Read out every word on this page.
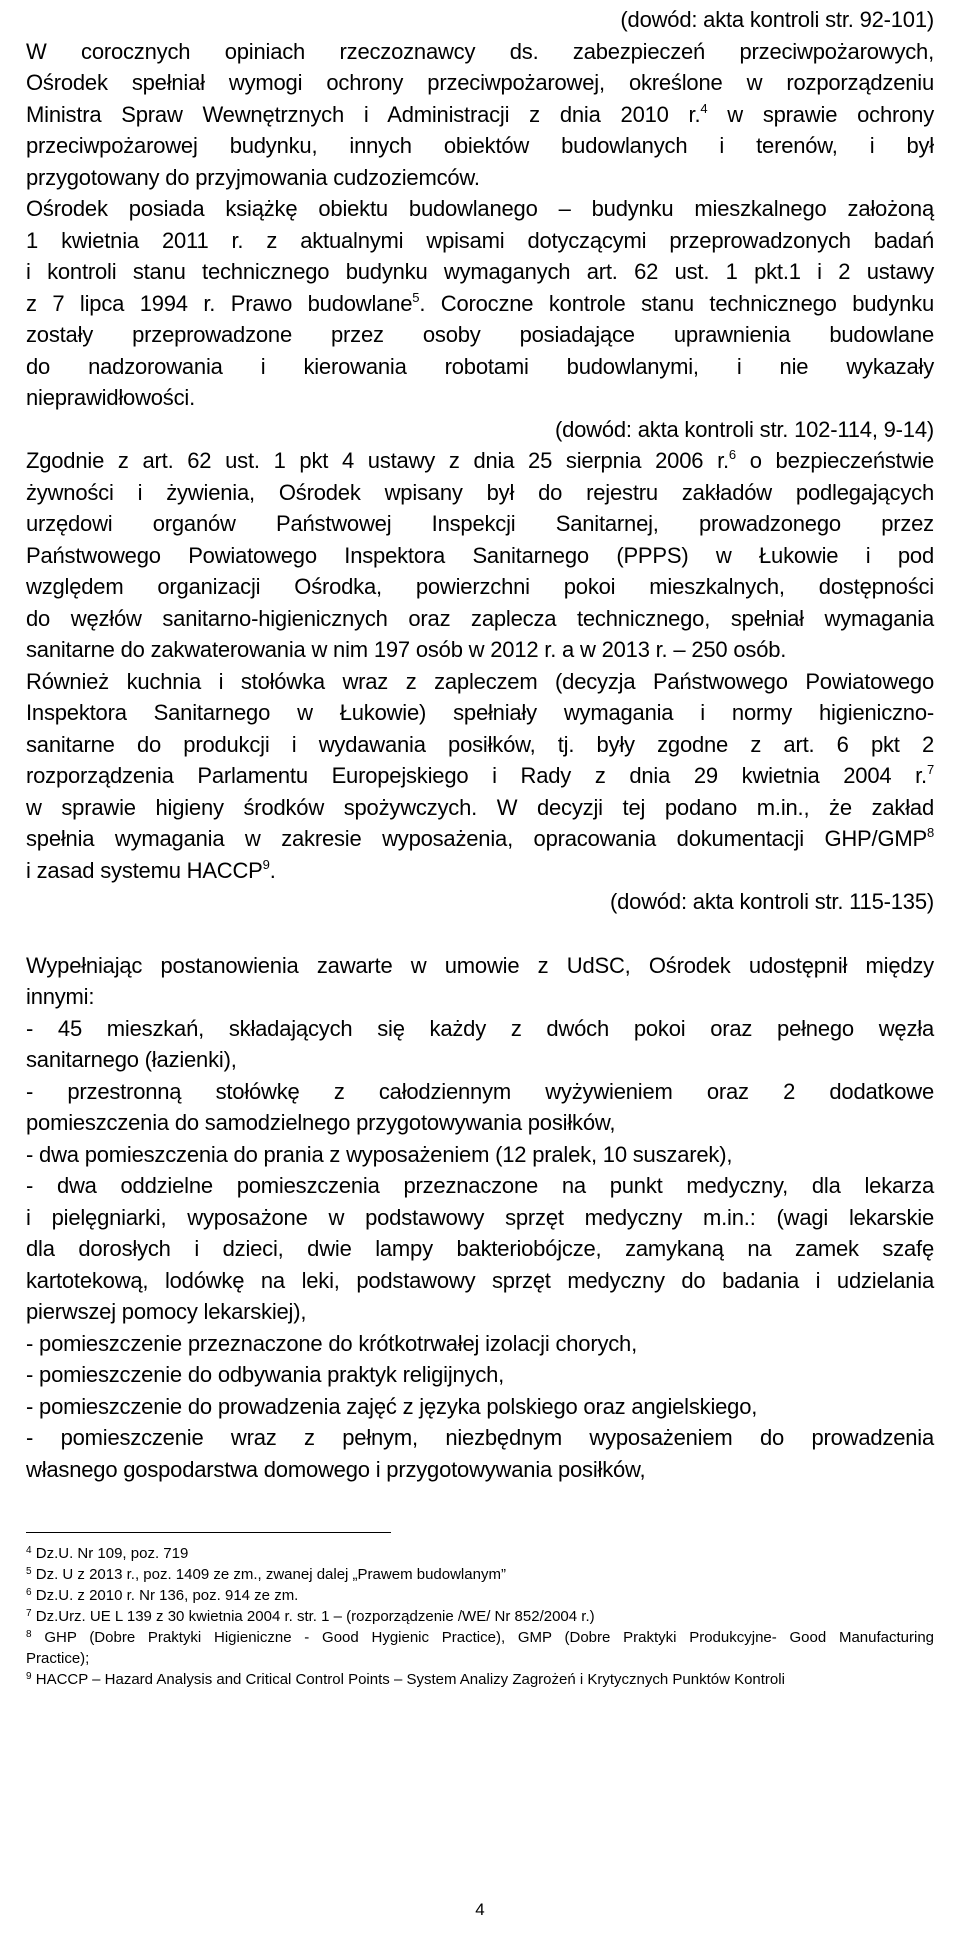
(dowód: akta kontroli str. 92-101)
W corocznych opiniach rzeczoznawcy ds. zabezpieczeń przeciwpożarowych,
Ośrodek spełniał wymogi ochrony przeciwpożarowej, określone w rozporządzeniu
Ministra Spraw Wewnętrznych i Administracji z dnia 2010 r.$^4$ w sprawie ochrony
przeciwpożarowej budynku, innych obiektów budowlanych i terenów, i był
przygotowany do przyjmowania cudzoziemców.
Ośrodek posiada książkę obiektu budowlanego – budynku mieszkalnego założoną
1 kwietnia 2011 r. z aktualnymi wpisami dotyczącymi przeprowadzonych badań
i kontroli stanu technicznego budynku wymaganych art. 62 ust. 1 pkt.1 i 2 ustawy
z 7 lipca 1994 r. Prawo budowlane$^5$. Coroczne kontrole stanu technicznego budynku
zostały przeprowadzone przez osoby posiadające uprawnienia budowlane
do nadzorowania i kierowania robotami budowlanymi, i nie wykazały
nieprawidłowości.
(dowód: akta kontroli str. 102-114, 9-14)
Zgodnie z art. 62 ust. 1 pkt 4 ustawy z dnia 25 sierpnia 2006 r.$^6$ o bezpieczeństwie
żywności i żywienia, Ośrodek wpisany był do rejestru zakładów podlegających
urzędowi organów Państwowej Inspekcji Sanitarnej, prowadzonego przez
Państwowego Powiatowego Inspektora Sanitarnego (PPPS) w Łukowie i pod
względem organizacji Ośrodka, powierzchni pokoi mieszkalnych, dostępności
do węzłów sanitarno-higienicznych oraz zaplecza technicznego, spełniał wymagania
sanitarne do zakwaterowania w nim 197 osób w 2012 r. a w 2013 r. – 250 osób.
Również kuchnia i stołówka wraz z zapleczem (decyzja Państwowego Powiatowego
Inspektora Sanitarnego w Łukowie) spełniały wymagania i normy higieniczno-
sanitarne do produkcji i wydawania posiłków, tj. były zgodne z art. 6 pkt 2
rozporządzenia Parlamentu Europejskiego i Rady z dnia 29 kwietnia 2004 r.$^7$
w sprawie higieny środków spożywczych. W decyzji tej podano m.in., że zakład
spełnia wymagania w zakresie wyposażenia, opracowania dokumentacji GHP/GMP$^8$
i zasad systemu HACCP$^9$.
(dowód: akta kontroli str. 115-135)
Wypełniając postanowienia zawarte w umowie z UdSC, Ośrodek udostępnił między
innymi:
- 45 mieszkań, składających się każdy z dwóch pokoi oraz pełnego węzła
sanitarnego (łazienki),
- przestronną stołówkę z całodziennym wyżywieniem oraz 2 dodatkowe
pomieszczenia do samodzielnego przygotowywania posiłków,
- dwa pomieszczenia do prania z wyposażeniem (12 pralek, 10 suszarek),
- dwa oddzielne pomieszczenia przeznaczone na punkt medyczny, dla lekarza
i pielęgniarki, wyposażone w podstawowy sprzęt medyczny m.in.: (wagi lekarskie
dla dorosłych i dzieci, dwie lampy bakteriobójcze, zamykaną na zamek szafę
kartotekową, lodówkę na leki, podstawowy sprzęt medyczny do badania i udzielania
pierwszej pomocy lekarskiej),
- pomieszczenie przeznaczone do krótkotrwałej izolacji chorych,
- pomieszczenie do odbywania praktyk religijnych,
- pomieszczenie do prowadzenia zajęć z języka polskiego oraz angielskiego,
- pomieszczenie wraz z pełnym, niezbędnym wyposażeniem do prowadzenia
własnego gospodarstwa domowego i przygotowywania posiłków,
$^4$ Dz.U. Nr 109, poz. 719
$^5$ Dz. U z 2013 r., poz. 1409 ze zm., zwanej dalej „Prawem budowlanym”
$^6$ Dz.U. z 2010 r. Nr 136, poz. 914 ze zm.
$^7$ Dz.Urz. UE L 139 z 30 kwietnia 2004 r. str. 1 – (rozporządzenie /WE/ Nr 852/2004 r.)
$^8$ GHP (Dobre Praktyki Higieniczne - Good Hygienic Practice), GMP (Dobre Praktyki Produkcyjne- Good Manufacturing
Practice);
$^9$ HACCP – Hazard Analysis and Critical Control Points – System Analizy Zagrożeń i Krytycznych Punktów Kontroli
4
